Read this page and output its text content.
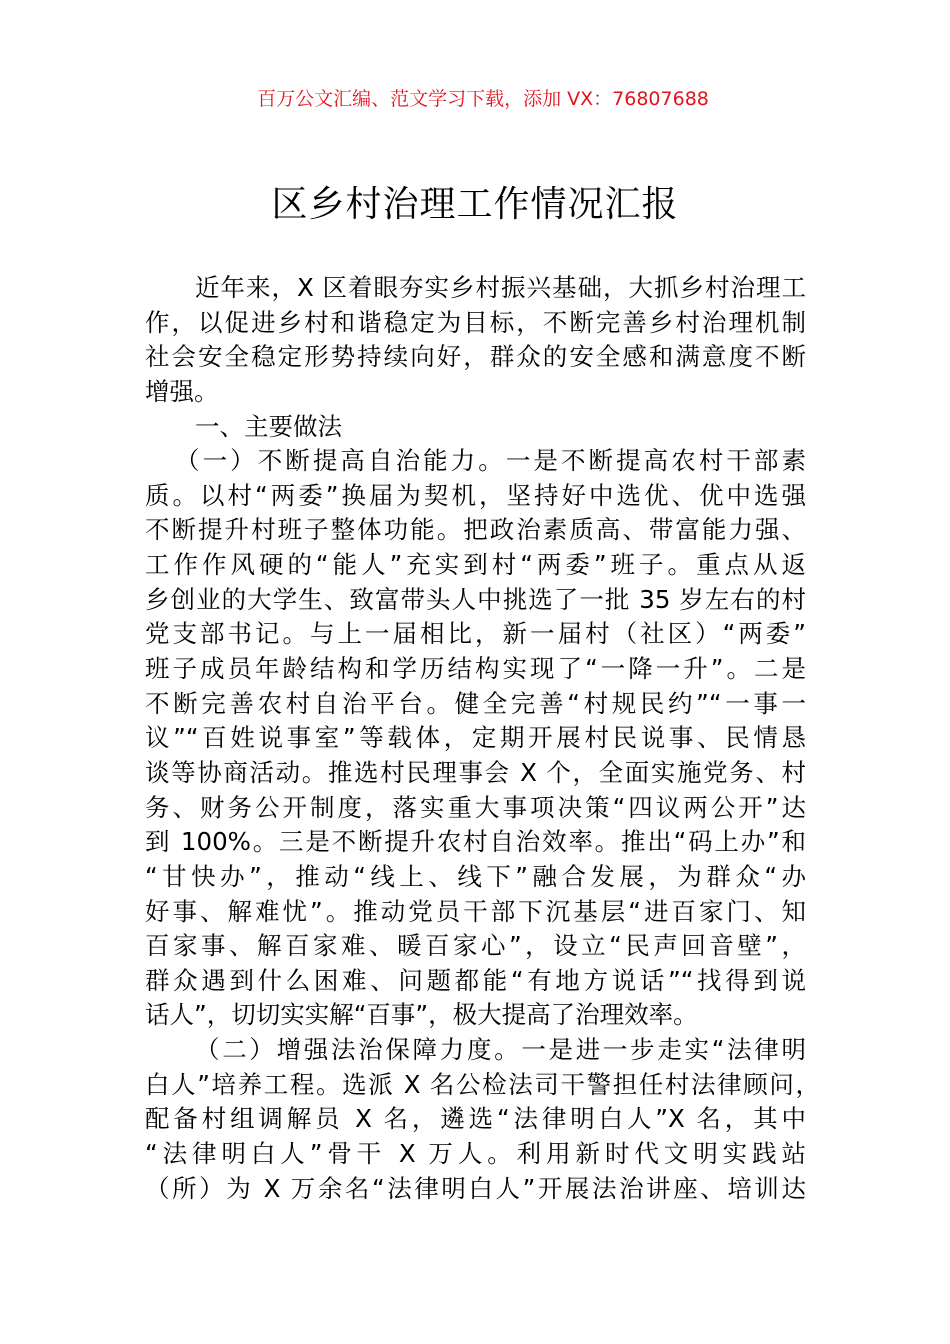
百万公文汇编、范文学习下载，添加 VX：76807688
区乡村治理工作情况汇报
近年来，X 区着眼夯实乡村振兴基础，大抓乡村治理工
作，以促进乡村和谐稳定为目标，不断完善乡村治理机制
社会安全稳定形势持续向好，群众的安全感和满意度不断
增强。
一、主要做法
（一）不断提高自治能力。一是不断提高农村干部素
质。以村“两委”换届为契机，坚持好中选优、优中选强
不断提升村班子整体功能。把政治素质高、带富能力强、
工作作风硬的“能人”充实到村“两委”班子。重点从返
乡创业的大学生、致富带头人中挑选了一批 35 岁左右的村
党支部书记。与上一届相比，新一届村（社区）“两委”
班子成员年龄结构和学历结构实现了“一降一升”。二是
不断完善农村自治平台。健全完善“村规民约”“一事一
议”“百姓说事室”等载体，定期开展村民说事、民情恳
谈等协商活动。推选村民理事会 X 个，全面实施党务、村
务、财务公开制度，落实重大事项决策“四议两公开”达
到 100%。三是不断提升农村自治效率。推出“码上办”和
“甘快办”，推动“线上、线下”融合发展，为群众“办
好事、解难忧”。推动党员干部下沉基层“进百家门、知
百家事、解百家难、暖百家心”，设立“民声回音壁”，
群众遇到什么困难、问题都能“有地方说话”“找得到说
话人”，切切实实解“百事”，极大提高了治理效率。
（二）增强法治保障力度。一是进一步走实“法律明
白人”培养工程。选派 X 名公检法司干警担任村法律顾问，
配备村组调解员 X 名，遴选“法律明白人”X 名，其中
“法律明白人”骨干 X 万人。利用新时代文明实践站
（所）为 X 万余名“法律明白人”开展法治讲座、培训达
